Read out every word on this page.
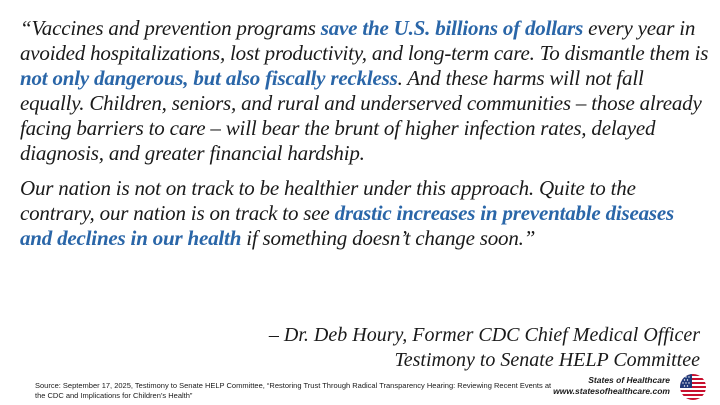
“Vaccines and prevention programs save the U.S. billions of dollars every year in avoided hospitalizations, lost productivity, and long-term care. To dismantle them is not only dangerous, but also fiscally reckless. And these harms will not fall equally. Children, seniors, and rural and underserved communities – those already facing barriers to care – will bear the brunt of higher infection rates, delayed diagnosis, and greater financial hardship.

Our nation is not on track to be healthier under this approach. Quite to the contrary, our nation is on track to see drastic increases in preventable diseases and declines in our health if something doesn’t change soon.”

– Dr. Deb Houry, Former CDC Chief Medical Officer
Testimony to Senate HELP Committee
Source: September 17, 2025, Testimony to Senate HELP Committee, “Restoring Trust Through Radical Transparency Hearing: Reviewing Recent Events at the CDC and Implications for Children’s Health”
States of Healthcare
www.statesofhealthcare.com
